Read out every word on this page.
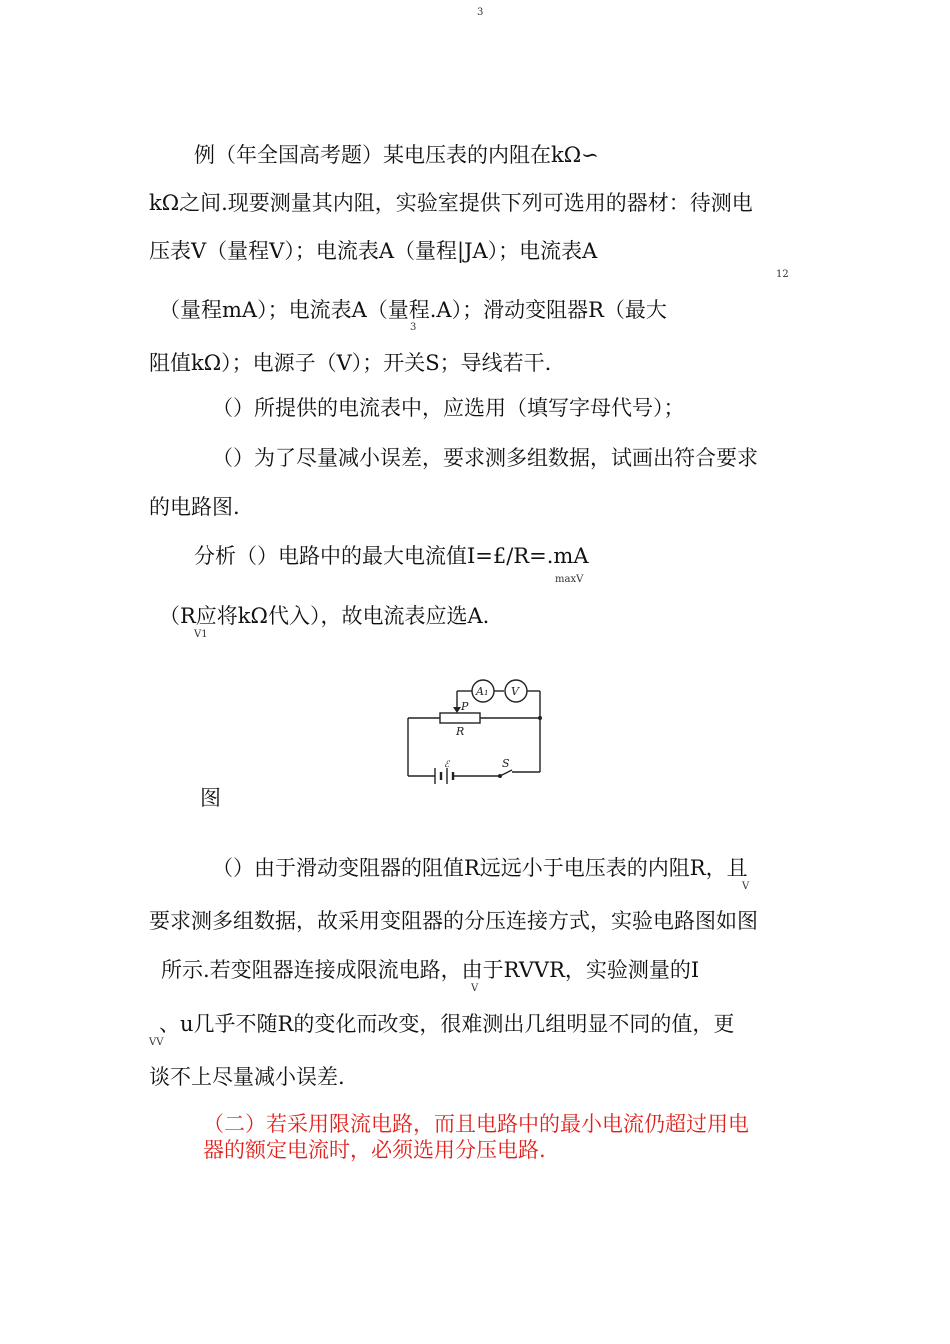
3
例（年全国高考题）某电压表的内阻在kΩ∽
kΩ之间.现要测量其内阻，实验室提供下列可选用的器材：待测电
压表V（量程V）；电流表A（量程|JA）；电流表A
12
（量程mA）；电流表A（量程.A）；滑动变阻器R（最大
3
阻值kΩ）；电源子（V）；开关S；导线若干.
（）所提供的电流表中，应选用（填写字母代号）；
（）为了尽量减小误差，要求测多组数据，试画出符合要求
的电路图.
分析（）电路中的最大电流值I=£/R=.mA
maxV
（R应将kΩ代入），故电流表应选A.
V1
A₁ V
P
R
ℰ	S
图
（）由于滑动变阻器的阻值R远远小于电压表的内阻R，且
V
要求测多组数据，故采用变阻器的分压连接方式，实验电路图如图
所示.若变阻器连接成限流电路，由于RVVR，实验测量的I
V
、u几乎不随R的变化而改变，很难测出几组明显不同的值，更
VV
谈不上尽量减小误差.
（二）若采用限流电路，而且电路中的最小电流仍超过用电
器的额定电流时，必须选用分压电路.
